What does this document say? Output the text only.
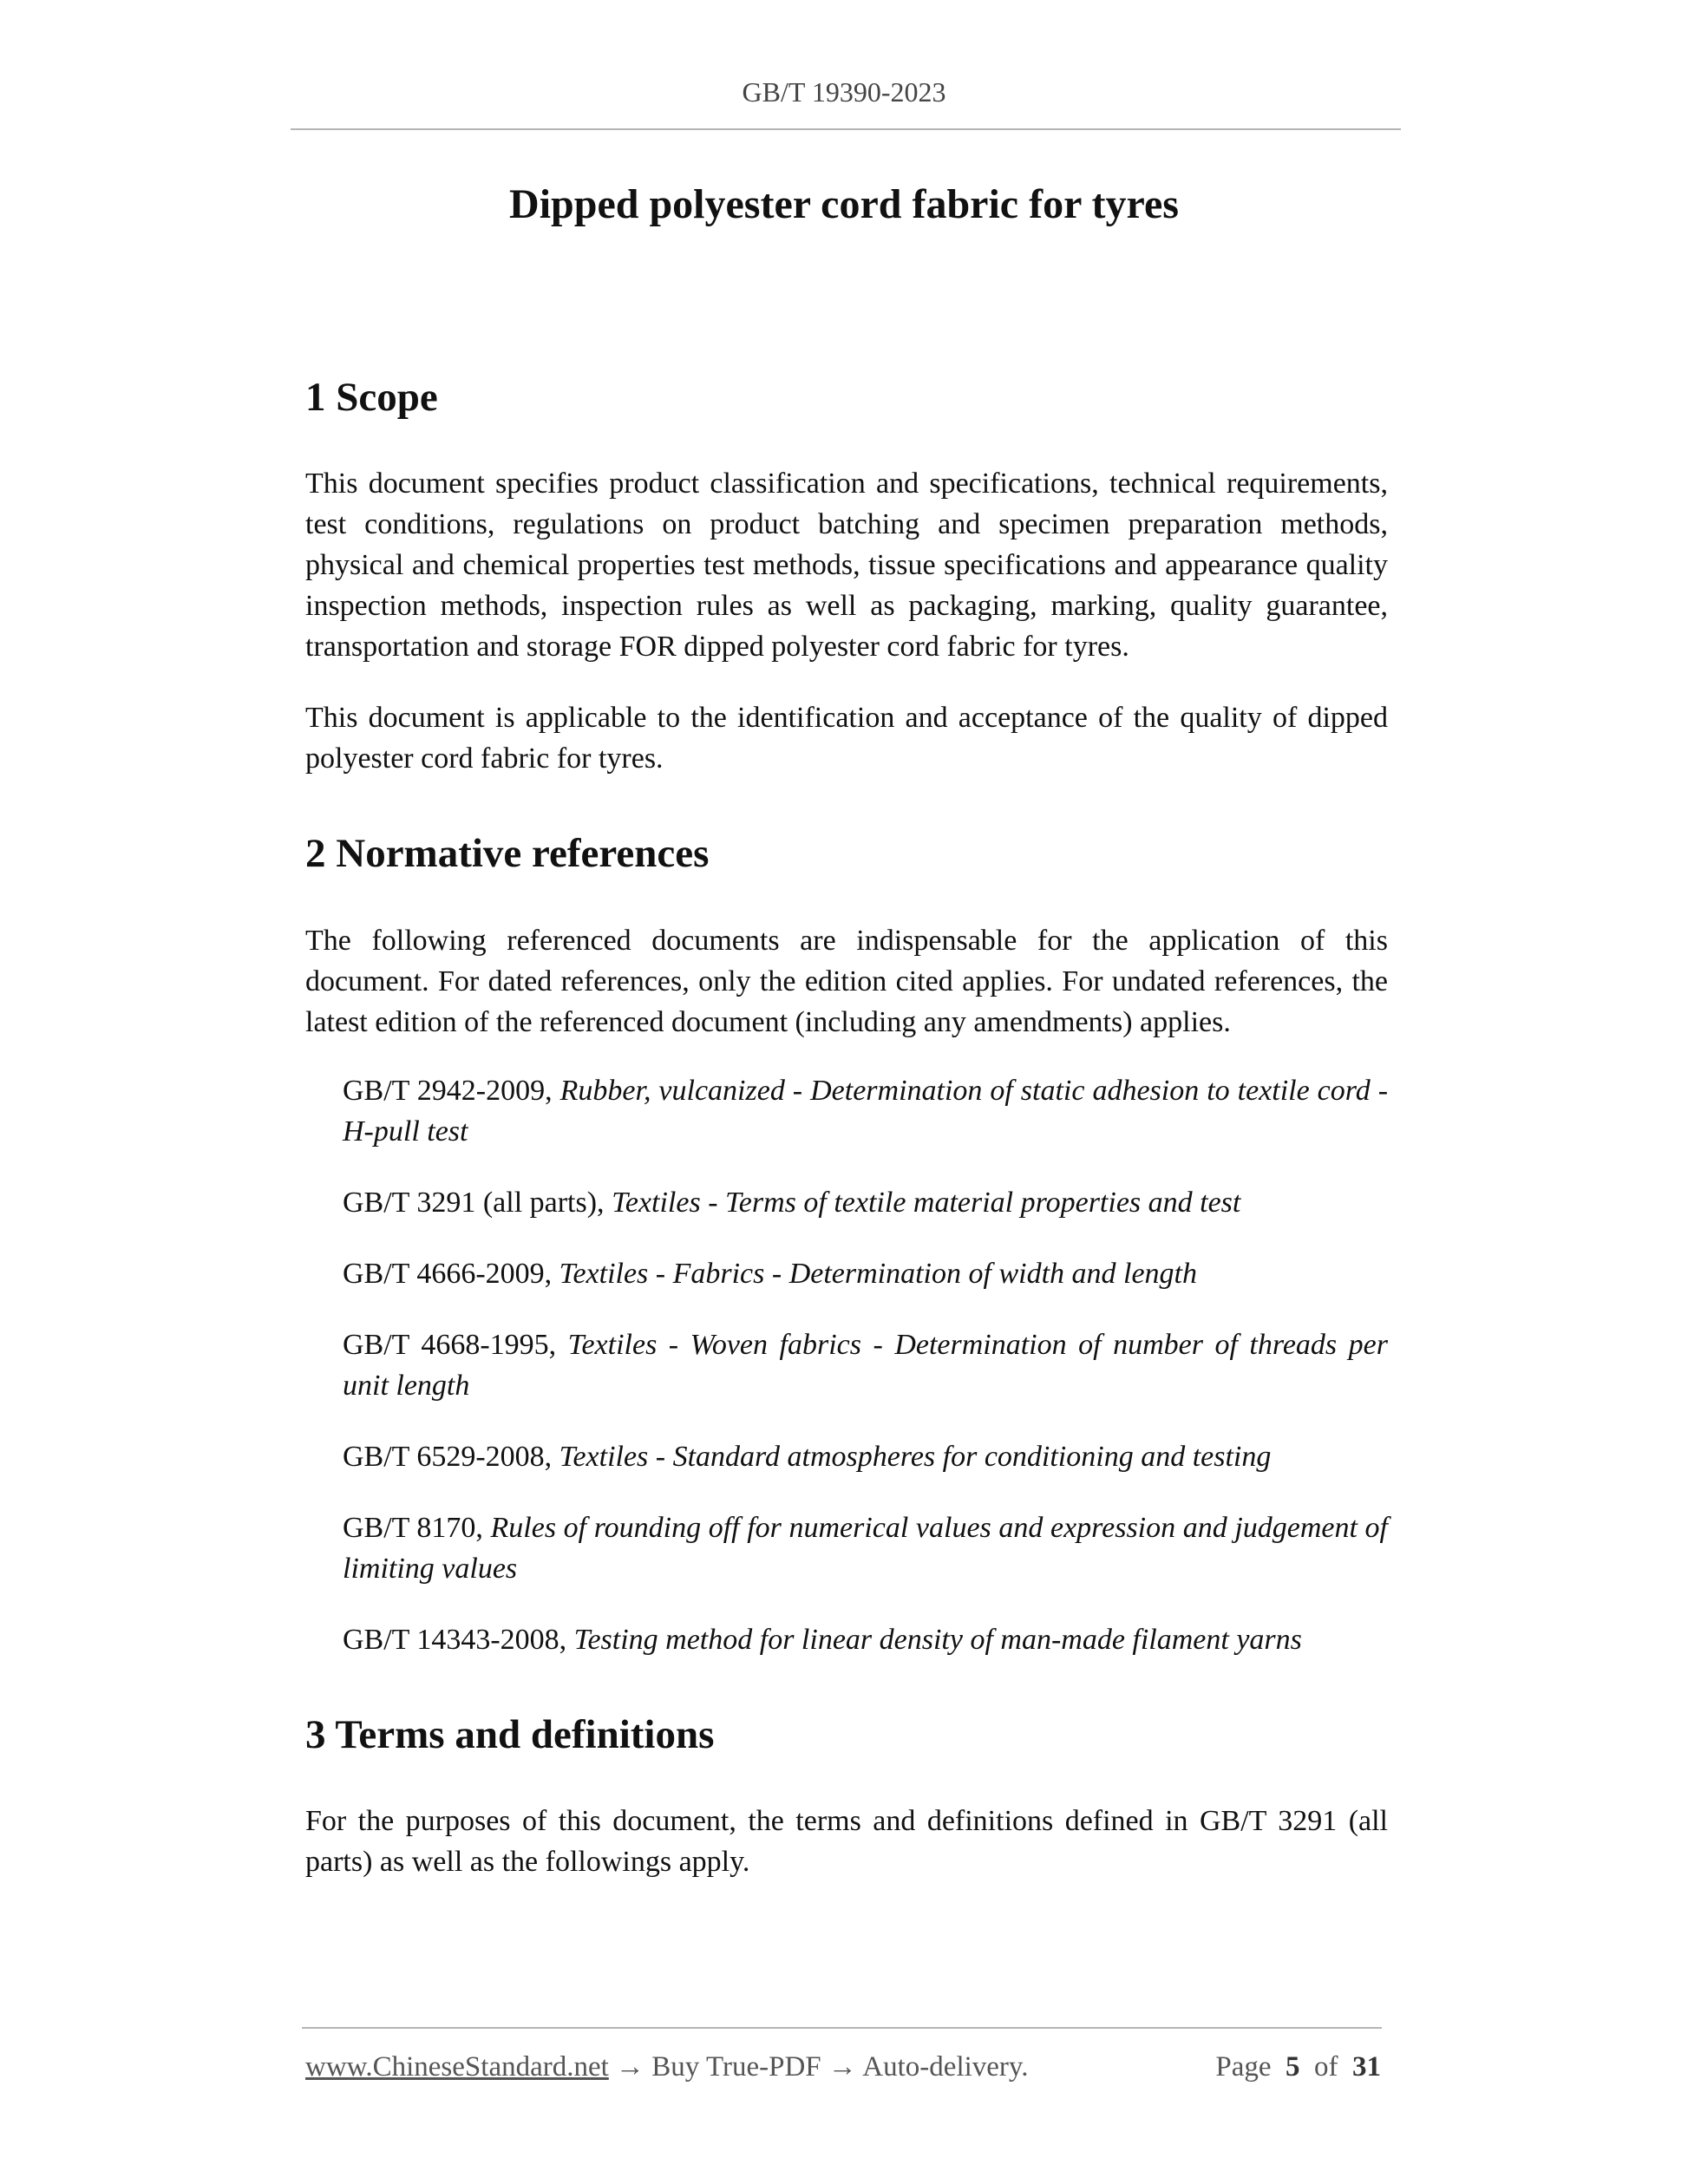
GB/T 19390-2023
Dipped polyester cord fabric for tyres
1 Scope

This document specifies product classification and specifications, technical requirements, test conditions, regulations on product batching and specimen preparation methods, physical and chemical properties test methods, tissue specifications and appearance quality inspection methods, inspection rules as well as packaging, marking, quality guarantee, transportation and storage FOR dipped polyester cord fabric for tyres.

This document is applicable to the identification and acceptance of the quality of dipped polyester cord fabric for tyres.

2 Normative references

The following referenced documents are indispensable for the application of this document. For dated references, only the edition cited applies. For undated references, the latest edition of the referenced document (including any amendments) applies.

GB/T 2942-2009, Rubber, vulcanized - Determination of static adhesion to textile cord - H-pull test

GB/T 3291 (all parts), Textiles - Terms of textile material properties and test

GB/T 4666-2009, Textiles - Fabrics - Determination of width and length

GB/T 4668-1995, Textiles - Woven fabrics - Determination of number of threads per unit length

GB/T 6529-2008, Textiles - Standard atmospheres for conditioning and testing

GB/T 8170, Rules of rounding off for numerical values and expression and judgement of limiting values

GB/T 14343-2008, Testing method for linear density of man-made filament yarns

3 Terms and definitions

For the purposes of this document, the terms and definitions defined in GB/T 3291 (all parts) as well as the followings apply.

www.ChineseStandard.net → Buy True-PDF → Auto-delivery.	Page 5 of 31
